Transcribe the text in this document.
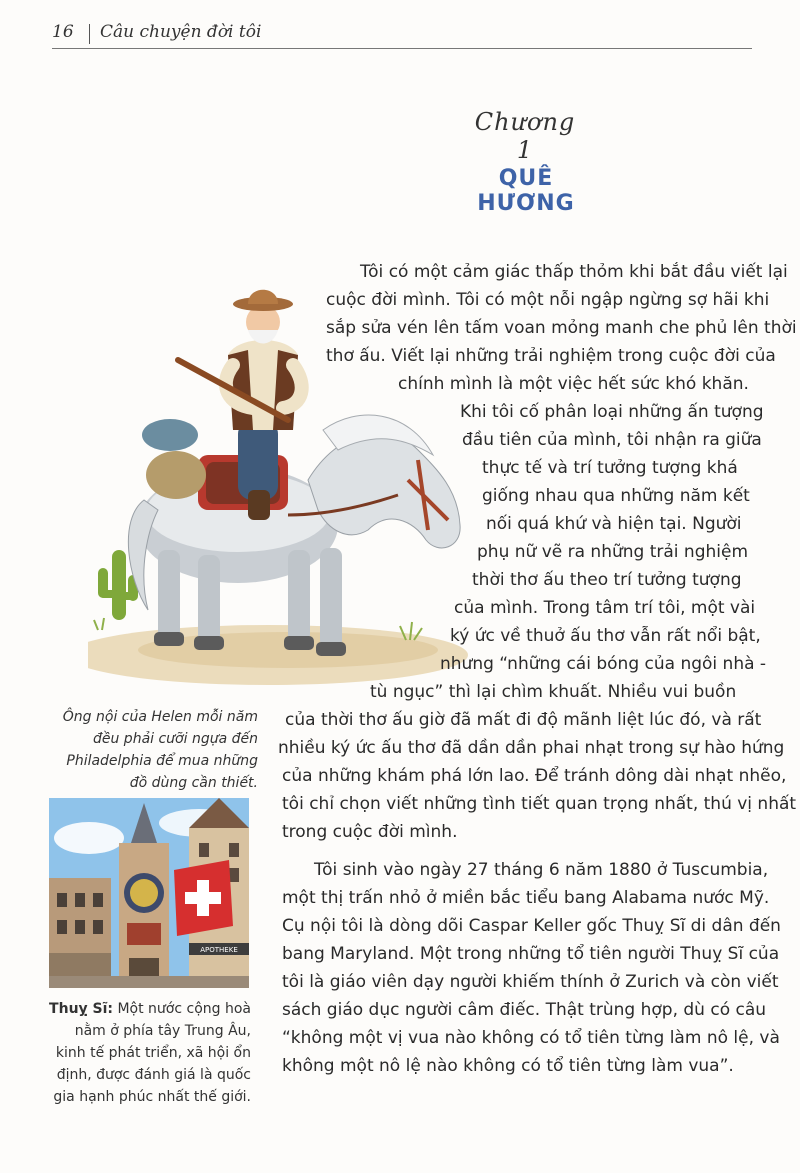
16 Câu chuyện đời tôi
Chương 1
QUÊ HƯƠNG
Tôi có một cảm giác thấp thỏm khi bắt đầu viết lại
cuộc đời mình. Tôi có một nỗi ngập ngừng sợ hãi khi
sắp sửa vén lên tấm voan mỏng manh che phủ lên thời
thơ ấu. Viết lại những trải nghiệm trong cuộc đời của
chính mình là một việc hết sức khó khăn.
Khi tôi cố phân loại những ấn tượng
đầu tiên của mình, tôi nhận ra giữa
thực tế và trí tưởng tượng khá
giống nhau qua những năm kết
nối quá khứ và hiện tại. Người
phụ nữ vẽ ra những trải nghiệm
thời thơ ấu theo trí tưởng tượng
của mình. Trong tâm trí tôi, một vài
ký ức về thuở ấu thơ vẫn rất nổi bật,
nhưng “những cái bóng của ngôi nhà -
tù ngục” thì lại chìm khuất. Nhiều vui buồn
của thời thơ ấu giờ đã mất đi độ mãnh liệt lúc đó, và rất
nhiều ký ức ấu thơ đã dần dần phai nhạt trong sự hào hứng
của những khám phá lớn lao. Để tránh dông dài nhạt nhẽo,
tôi chỉ chọn viết những tình tiết quan trọng nhất, thú vị nhất
trong cuộc đời mình.
Tôi sinh vào ngày 27 tháng 6 năm 1880 ở Tuscumbia,
một thị trấn nhỏ ở miền bắc tiểu bang Alabama nước Mỹ.
Cụ nội tôi là dòng dõi Caspar Keller gốc Thuỵ Sĩ di dân đến
bang Maryland. Một trong những tổ tiên người Thuỵ Sĩ của
tôi là giáo viên dạy người khiếm thính ở Zurich và còn viết
sách giáo dục người câm điếc. Thật trùng hợp, dù có câu
“không một vị vua nào không có tổ tiên từng làm nô lệ, và
không một nô lệ nào không có tổ tiên từng làm vua”.
Ông nội của Helen mỗi năm đều phải cưỡi ngựa đến Philadelphia để mua những đồ dùng cần thiết.
APOTHEKE
Thuỵ Sĩ: Một nước cộng hoà nằm ở phía tây Trung Âu, kinh tế phát triển, xã hội ổn định, được đánh giá là quốc gia hạnh phúc nhất thế giới.
